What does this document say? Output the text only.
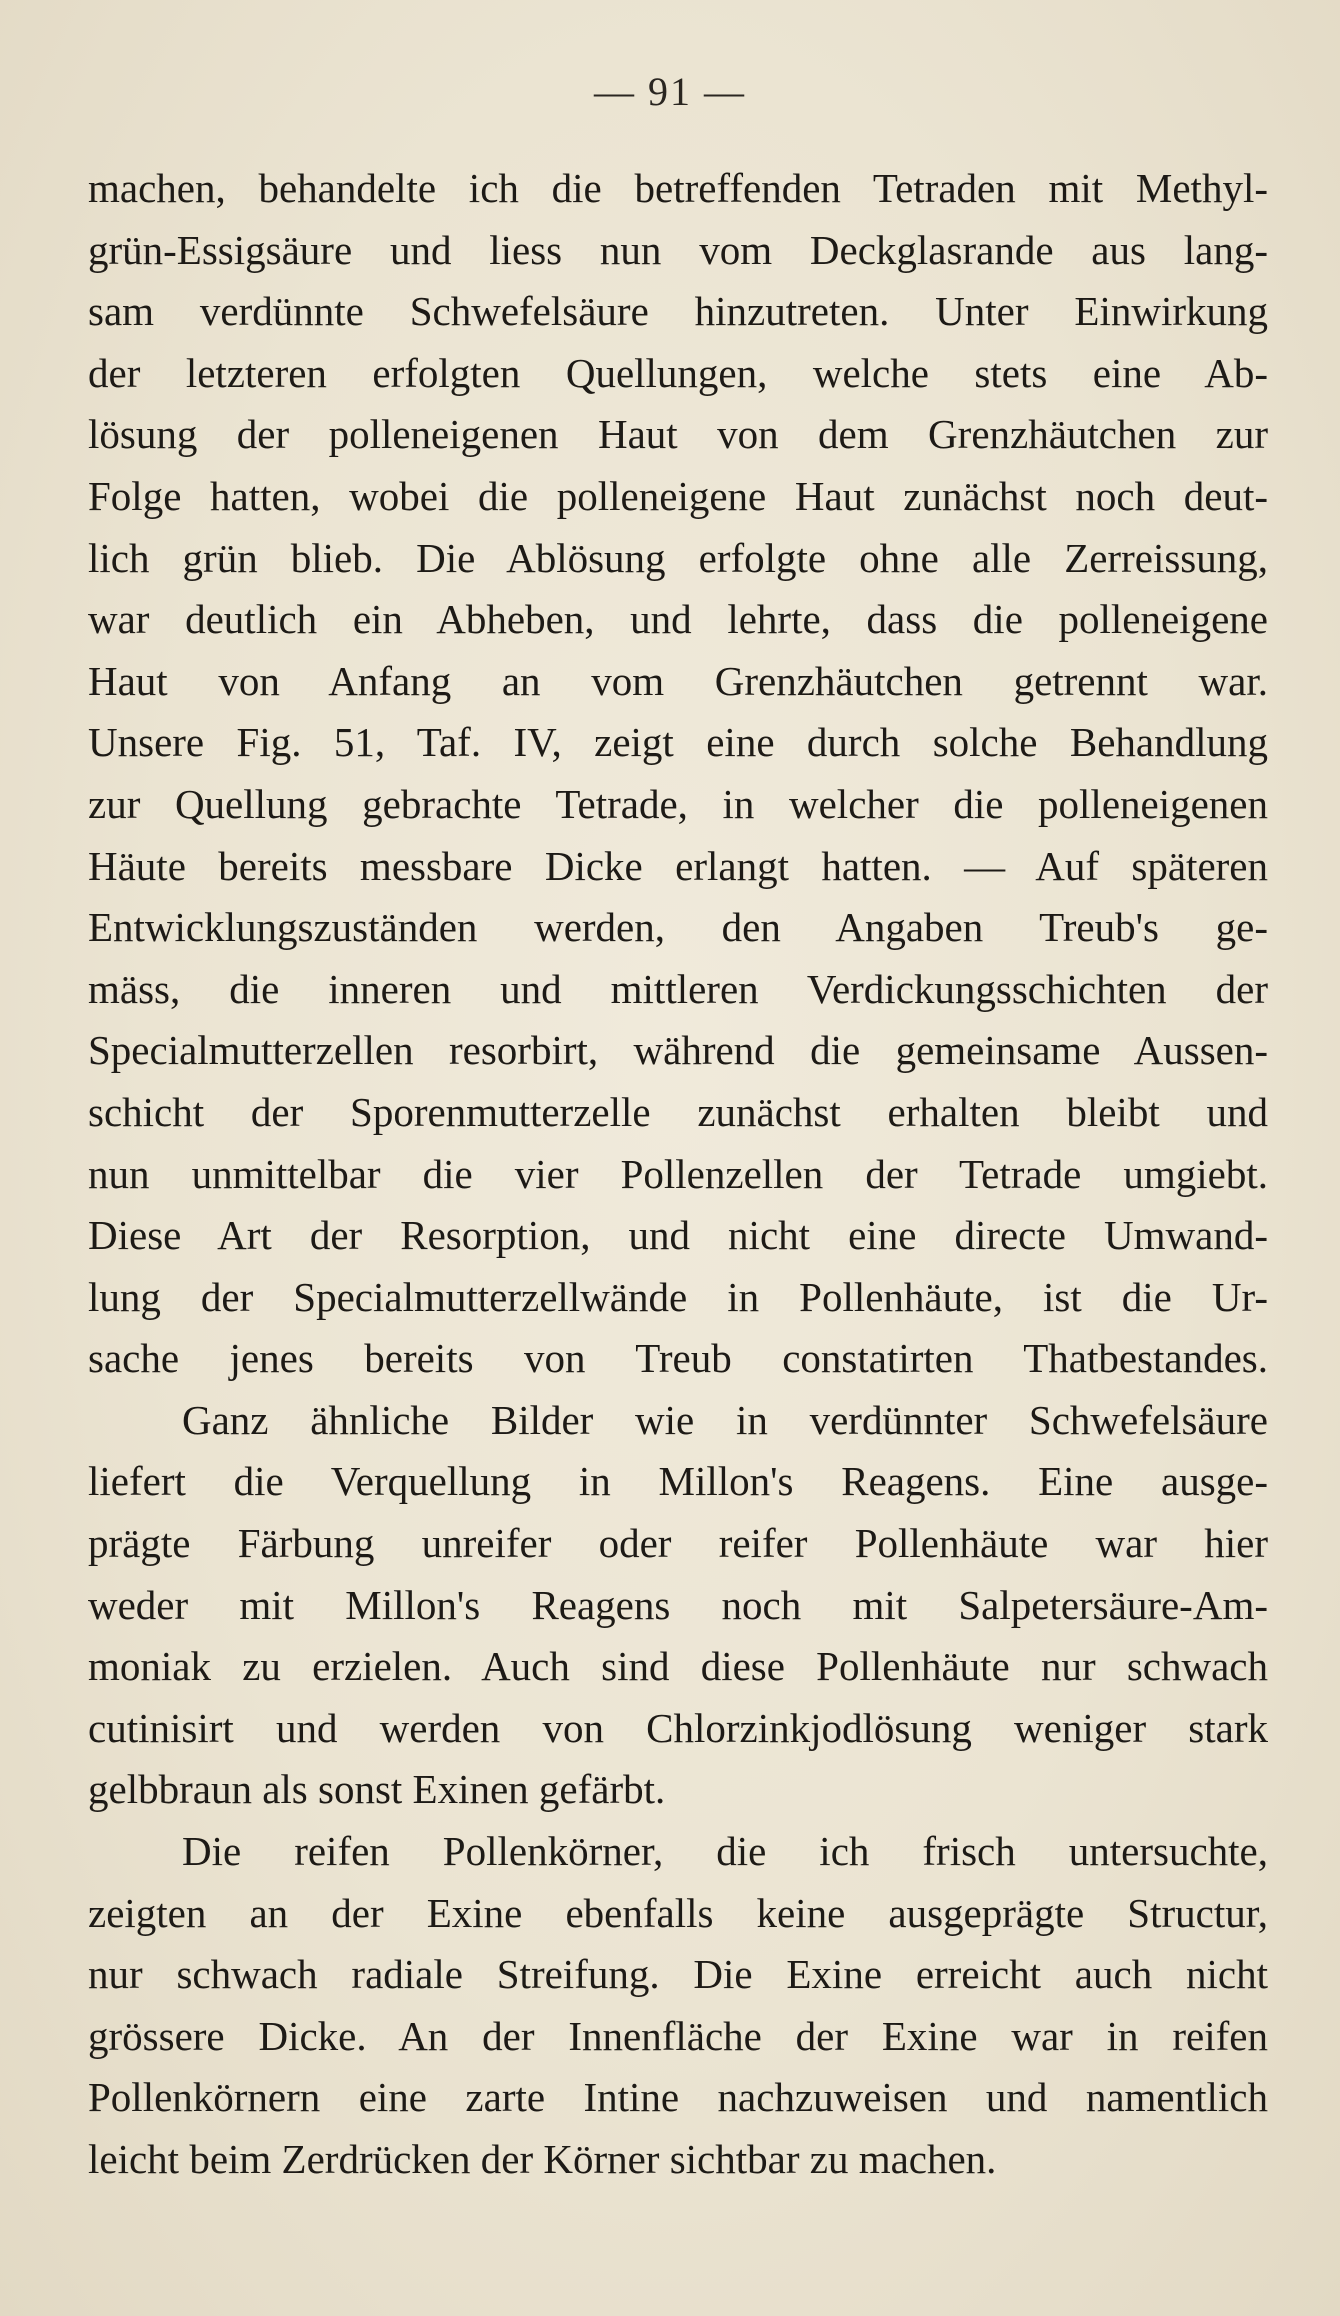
— 91 —
machen, behandelte ich die betreffenden Tetraden mit Methyl-
grün-Essigsäure und liess nun vom Deckglasrande aus lang-
sam verdünnte Schwefelsäure hinzutreten. Unter Einwirkung
der letzteren erfolgten Quellungen, welche stets eine Ab-
lösung der polleneigenen Haut von dem Grenzhäutchen zur
Folge hatten, wobei die polleneigene Haut zunächst noch deut-
lich grün blieb. Die Ablösung erfolgte ohne alle Zerreissung,
war deutlich ein Abheben, und lehrte, dass die polleneigene
Haut von Anfang an vom Grenzhäutchen getrennt war.
Unsere Fig. 51, Taf. IV, zeigt eine durch solche Behandlung
zur Quellung gebrachte Tetrade, in welcher die polleneigenen
Häute bereits messbare Dicke erlangt hatten. — Auf späteren
Entwicklungszuständen werden, den Angaben Treub's ge-
mäss, die inneren und mittleren Verdickungsschichten der
Specialmutterzellen resorbirt, während die gemeinsame Aussen-
schicht der Sporenmutterzelle zunächst erhalten bleibt und
nun unmittelbar die vier Pollenzellen der Tetrade umgiebt.
Diese Art der Resorption, und nicht eine directe Umwand-
lung der Specialmutterzellwände in Pollenhäute, ist die Ur-
sache jenes bereits von Treub constatirten Thatbestandes.
Ganz ähnliche Bilder wie in verdünnter Schwefelsäure
liefert die Verquellung in Millon's Reagens. Eine ausge-
prägte Färbung unreifer oder reifer Pollenhäute war hier
weder mit Millon's Reagens noch mit Salpetersäure-Am-
moniak zu erzielen. Auch sind diese Pollenhäute nur schwach
cutinisirt und werden von Chlorzinkjodlösung weniger stark
gelbbraun als sonst Exinen gefärbt.
Die reifen Pollenkörner, die ich frisch untersuchte,
zeigten an der Exine ebenfalls keine ausgeprägte Structur,
nur schwach radiale Streifung. Die Exine erreicht auch nicht
grössere Dicke. An der Innenfläche der Exine war in reifen
Pollenkörnern eine zarte Intine nachzuweisen und namentlich
leicht beim Zerdrücken der Körner sichtbar zu machen.
